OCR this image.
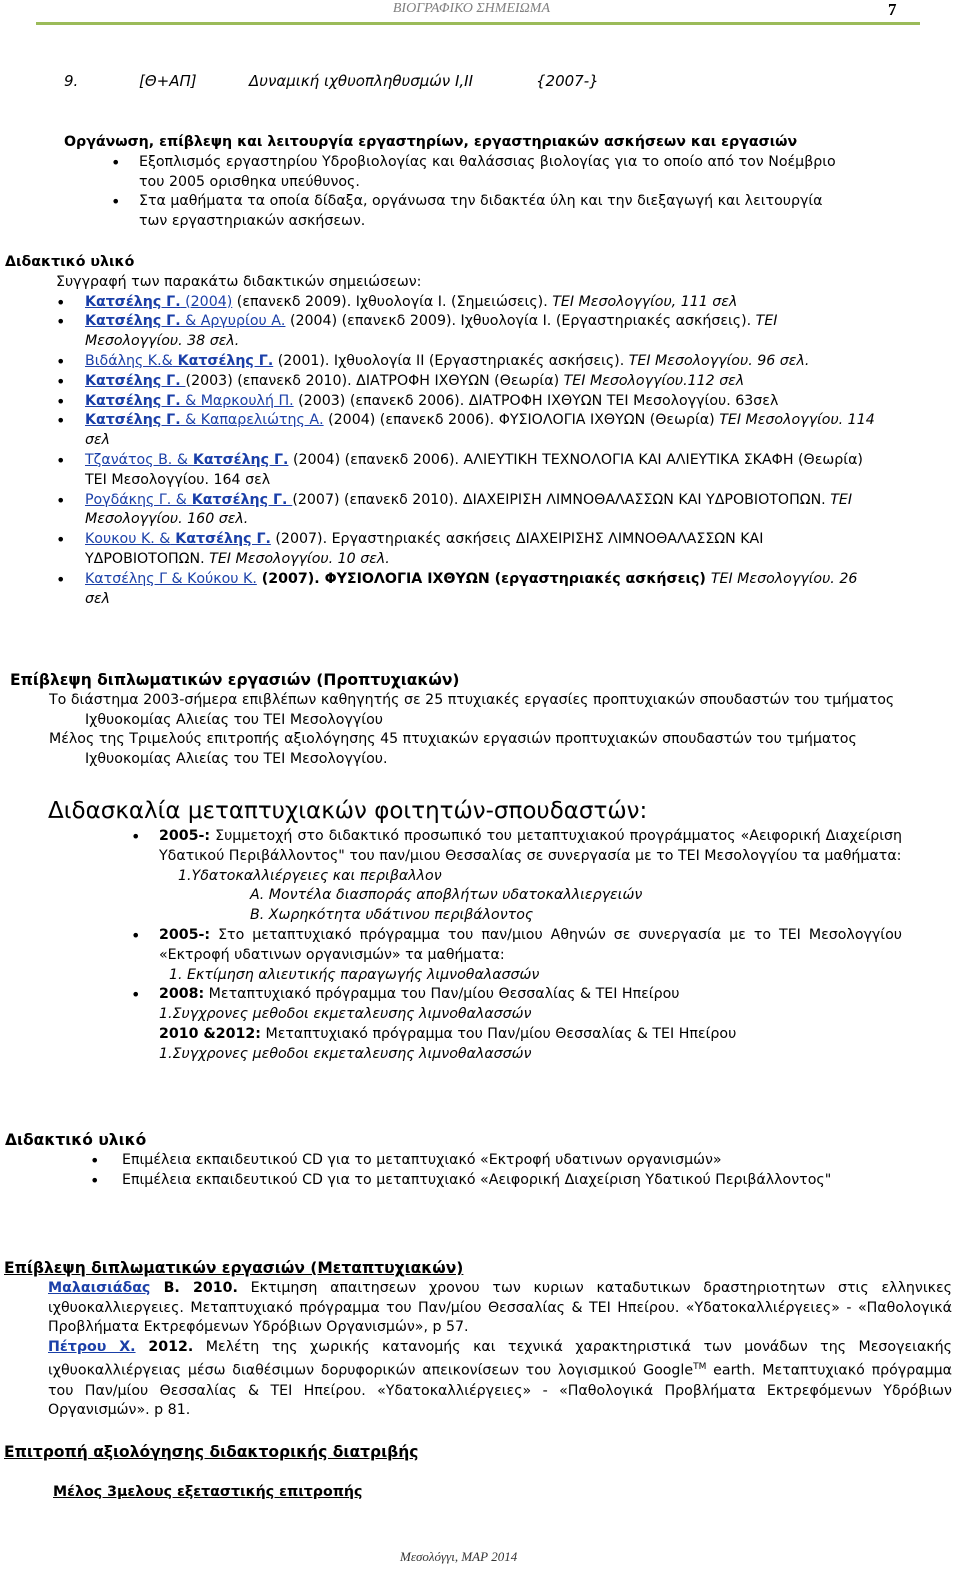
ΒΙΟΓΡΑΦΙΚΟ ΣΗΜΕΙΩΜΑ	7
9.	[Θ+ΑΠ]	Δυναμική ιχθυοπληθυσμών Ι,ΙΙ	{2007-}

Οργάνωση, επίβλεψη και λειτουργία εργαστηρίων, εργαστηριακών ασκήσεων και εργασιών

• Εξοπλισμός εργαστηρίου Υδροβιολογίας και θαλάσσιας βιολογίας για το οποίο από τον Νοέμβριο του 2005 ορισθηκα υπεύθυνος.
• Στα μαθήματα τα οποία δίδαξα, οργάνωσα την διδακτέα ύλη και την διεξαγωγή και λειτουργία των εργαστηριακών ασκήσεων.

Διδακτικό υλικό

Συγγραφή των παρακάτω διδακτικών σημειώσεων:

• Κατσέλης Γ. (2004) (επανεκδ 2009). Ιχθυολογία Ι. (Σημειώσεις). ΤΕΙ Μεσολογγίου, 111 σελ
• Κατσέλης Γ. & Αργυρίου Α. (2004) (επανεκδ 2009). Ιχθυολογία Ι. (Εργαστηριακές ασκήσεις). ΤΕΙ Μεσολογγίου. 38 σελ.
• Βιδάλης Κ.& Κατσέλης Γ. (2001). Ιχθυολογία ΙΙ (Εργαστηριακές ασκήσεις). ΤΕΙ Μεσολογγίου. 96 σελ.
• Κατσέλης Γ. (2003) (επανεκδ 2010). ΔΙΑΤΡΟΦΗ ΙΧΘΥΩΝ (Θεωρία) ΤΕΙ Μεσολογγίου.112 σελ
• Κατσέλης Γ. & Μαρκουλή Π. (2003) (επανεκδ 2006). ΔΙΑΤΡΟΦΗ ΙΧΘΥΩΝ ΤΕΙ Μεσολογγίου. 63σελ
• Κατσέλης Γ. & Καπαρελιώτης Α. (2004) (επανεκδ 2006). ΦΥΣΙΟΛΟΓΙΑ ΙΧΘΥΩΝ (Θεωρία) ΤΕΙ Μεσολογγίου. 114 σελ
• Τζανάτος Β. & Κατσέλης Γ. (2004) (επανεκδ 2006). ΑΛΙΕΥΤΙΚΗ ΤΕΧΝΟΛΟΓΙΑ ΚΑΙ ΑΛΙΕΥΤΙΚΑ ΣΚΑΦΗ (Θεωρία) ΤΕΙ Μεσολογγίου. 164 σελ
• Ρογδάκης Γ. & Κατσέλης Γ. (2007) (επανεκδ 2010). ΔΙΑΧΕΙΡΙΣΗ ΛΙΜΝΟΘΑΛΑΣΣΩΝ ΚΑΙ ΥΔΡΟΒΙΟΤΟΠΩΝ. ΤΕΙ Μεσολογγίου. 160 σελ.
• Κουκου Κ. & Κατσέλης Γ. (2007). Εργαστηριακές ασκήσεις ΔΙΑΧΕΙΡΙΣΗΣ ΛΙΜΝΟΘΑΛΑΣΣΩΝ ΚΑΙ ΥΔΡΟΒΙΟΤΟΠΩΝ. ΤΕΙ Μεσολογγίου. 10 σελ.
• Κατσέλης Γ & Κούκου Κ. (2007). ΦΥΣΙΟΛΟΓΙΑ ΙΧΘΥΩΝ (εργαστηριακές ασκήσεις) ΤΕΙ Μεσολογγίου. 26 σελ

Επίβλεψη διπλωματικών εργασιών (Προπτυχιακών)

Το διάστημα 2003-σήμερα επιβλέπων καθηγητής σε 25 πτυχιακές εργασίες προπτυχιακών σπουδαστών του τμήματος Ιχθυοκομίας Αλιείας του ΤΕΙ Μεσολογγίου

Μέλος της Τριμελούς επιτροπής αξιολόγησης 45 πτυχιακών εργασιών προπτυχιακών σπουδαστών του τμήματος Ιχθυοκομίας Αλιείας του ΤΕΙ Μεσολογγίου.

Διδασκαλία μεταπτυχιακών φοιτητών-σπουδαστών:

• 2005-: Συμμετοχή στο διδακτικό προσωπικό του μεταπτυχιακού προγράμματος «Αειφορική Διαχείριση Υδατικού Περιβάλλοντος" του παν/μιου Θεσσαλίας σε συνεργασία με το ΤΕΙ Μεσολογγίου τα μαθήματα:

1.Υδατοκαλλιέργειες και περιβαλλον

Α. Μοντέλα διασποράς αποβλήτων υδατοκαλλιεργειών

Β. Χωρηκότητα υδάτινου περιβάλοντος

• 2005-: Στο μεταπτυχιακό πρόγραμμα του παν/μιου Αθηνών σε συνεργασία με το ΤΕΙ Μεσολογγίου «Εκτροφή υδατινων οργανισμών» τα μαθήματα:

1. Εκτίμηση αλιευτικής παραγωγής λιμνοθαλασσών

• 2008: Μεταπτυχιακό πρόγραμμα του Παν/μίου Θεσσαλίας & ΤΕΙ Ηπείρου

1.Συγχρονες μεθοδοι εκμεταλευσης λιμνοθαλασσών

2010 &2012: Μεταπτυχιακό πρόγραμμα του Παν/μίου Θεσσαλίας & ΤΕΙ Ηπείρου

1.Συγχρονες μεθοδοι εκμεταλευσης λιμνοθαλασσών

Διδακτικό υλικό

• Επιμέλεια εκπαιδευτικού CD για το μεταπτυχιακό «Εκτροφή υδατινων οργανισμών»
• Επιμέλεια εκπαιδευτικού CD για το μεταπτυχιακό «Αειφορική Διαχείριση Υδατικού Περιβάλλοντος"

Επίβλεψη διπλωματικών εργασιών (Μεταπτυχιακών)

Μαλαισιάδας Β. 2010. Εκτιμηση απαιτησεων χρονου των κυριων καταδυτικων δραστηριοτητων στις ελληνικες ιχθυοκαλλιεργειες. Μεταπτυχιακό πρόγραμμα του Παν/μίου Θεσσαλίας & ΤΕΙ Ηπείρου. «Υδατοκαλλιέργειες» - «Παθολογικά Προβλήματα Εκτρεφόμενων Υδρόβιων Οργανισμών», p 57.

Πέτρου Χ. 2012. Μελέτη της χωρικής κατανομής και τεχνικά χαρακτηριστικά των μονάδων της Μεσογειακής ιχθυοκαλλιέργειας μέσω διαθέσιμων δορυφορικών απεικονίσεων του λογισμικού Google™ earth. Μεταπτυχιακό πρόγραμμα του Παν/μίου Θεσσαλίας & ΤΕΙ Ηπείρου. «Υδατοκαλλιέργειες» - «Παθολογικά Προβλήματα Εκτρεφόμενων Υδρόβιων Οργανισμών». p 81.

Επιτροπή αξιολόγησης διδακτορικής διατριβής

Μέλος 3μελους εξεταστικής επιτροπής

Μεσολόγγι, ΜΑΡ 2014
